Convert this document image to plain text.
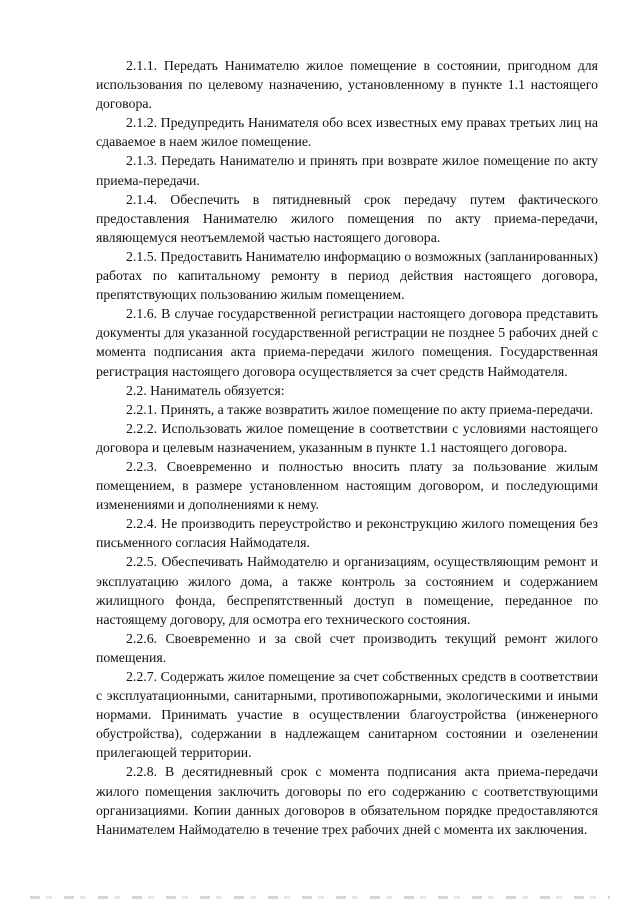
2.1.1. Передать Нанимателю жилое помещение в состоянии, пригодном для использования по целевому назначению, установленному в пункте 1.1 настоящего договора.

2.1.2. Предупредить Нанимателя обо всех известных ему правах третьих лиц на сдаваемое в наем жилое помещение.

2.1.3. Передать Нанимателю и принять при возврате жилое помещение по акту приема-передачи.

2.1.4. Обеспечить в пятидневный срок передачу путем фактического предоставления Нанимателю жилого помещения по акту приема-передачи, являющемуся неотъемлемой частью настоящего договора.

2.1.5. Предоставить Нанимателю информацию о возможных (запланированных) работах по капитальному ремонту в период действия настоящего договора, препятствующих пользованию жилым помещением.

2.1.6. В случае государственной регистрации настоящего договора представить документы для указанной государственной регистрации не позднее 5 рабочих дней с момента подписания акта приема-передачи жилого помещения. Государственная регистрация настоящего договора осуществляется за счет средств Наймодателя.

2.2. Наниматель обязуется:

2.2.1. Принять, а также возвратить жилое помещение по акту приема-передачи.

2.2.2. Использовать жилое помещение в соответствии с условиями настоящего договора и целевым назначением, указанным в пункте 1.1 настоящего договора.

2.2.3. Своевременно и полностью вносить плату за пользование жилым помещением, в размере установленном настоящим договором, и последующими изменениями и дополнениями к нему.

2.2.4. Не производить переустройство и реконструкцию жилого помещения без письменного согласия Наймодателя.

2.2.5. Обеспечивать Наймодателю и организациям, осуществляющим ремонт и эксплуатацию жилого дома, а также контроль за состоянием и содержанием жилищного фонда, беспрепятственный доступ в помещение, переданное по настоящему договору, для осмотра его технического состояния.

2.2.6. Своевременно и за свой счет производить текущий ремонт жилого помещения.

2.2.7. Содержать жилое помещение за счет собственных средств в соответствии с эксплуатационными, санитарными, противопожарными, экологическими и иными нормами. Принимать участие в осуществлении благоустройства (инженерного обустройства), содержании в надлежащем санитарном состоянии и озеленении прилегающей территории.

2.2.8. В десятидневный срок с момента подписания акта приема-передачи жилого помещения заключить договоры по его содержанию с соответствующими организациями. Копии данных договоров в обязательном порядке предоставляются Нанимателем Наймодателю в течение трех рабочих дней с момента их заключения.
